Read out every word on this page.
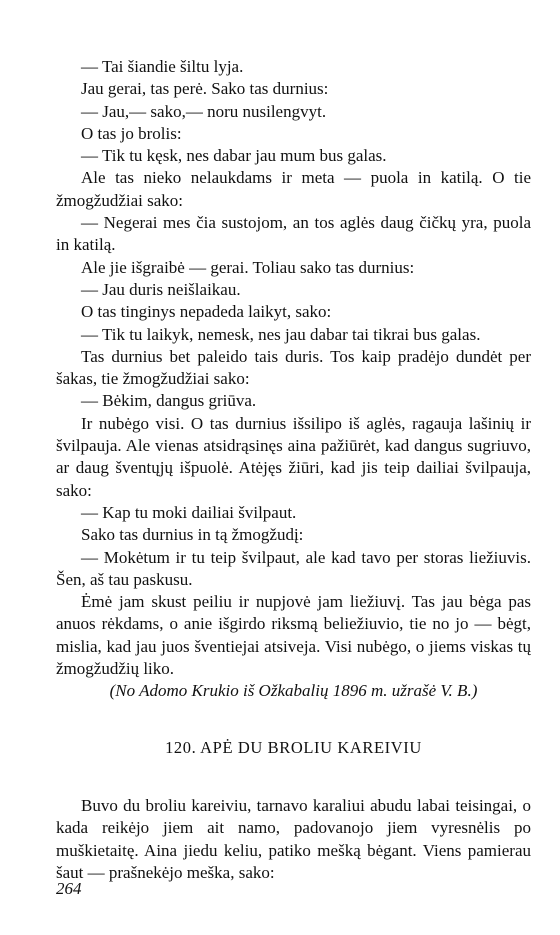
— Tai šiandie šiltu lyja.

Jau gerai, tas perė. Sako tas durnius:

— Jau,— sako,— noru nusilengvyt.

O tas jo brolis:

— Tik tu kęsk, nes dabar jau mum bus galas.

Ale tas nieko nelaukdams ir meta — puola in katilą. O tie žmogžudžiai sako:

— Negerai mes čia sustojom, an tos aglės daug čičkų yra, puola in katilą.

Ale jie išgraibė — gerai. Toliau sako tas durnius:

— Jau duris neišlaikau.

O tas tinginys nepadeda laikyt, sako:

— Tik tu laikyk, nemesk, nes jau dabar tai tikrai bus galas.

Tas durnius bet paleido tais duris. Tos kaip pradėjo dundėt per šakas, tie žmogžudžiai sako:

— Bėkim, dangus griūva.

Ir nubėgo visi. O tas durnius išsilipo iš aglės, ragauja lašinių ir švilpauja. Ale vienas atsidrąsinęs aina pažiūrėt, kad dangus sugriuvo, ar daug šventųjų išpuolė. Atėjęs žiūri, kad jis teip dailiai švilpauja, sako:

— Kap tu moki dailiai švilpaut.

Sako tas durnius in tą žmogžudį:

— Mokėtum ir tu teip švilpaut, ale kad tavo per storas liežiuvis. Šen, aš tau paskusu.

Ėmė jam skust peiliu ir nupjovė jam liežiuvį. Tas jau bėga pas anuos rėkdams, o anie išgirdo riksmą beliežiuvio, tie no jo — bėgt, mislia, kad jau juos šventiejai atsiveja. Visi nubėgo, o jiems viskas tų žmogžudžių liko.

(No Adomo Krukio iš Ožkabalių 1896 m. užrašė V. B.)
120. APĖ DU BROLIU KAREIVIU

Buvo du broliu kareiviu, tarnavo karaliui abudu labai teisingai, o kada reikėjo jiem ait namo, padovanojo jiem vyresnėlis po muškietaitę. Aina jiedu keliu, patiko mešką bėgant. Viens pamierau šaut — prašnekėjo meška, sako:

264
